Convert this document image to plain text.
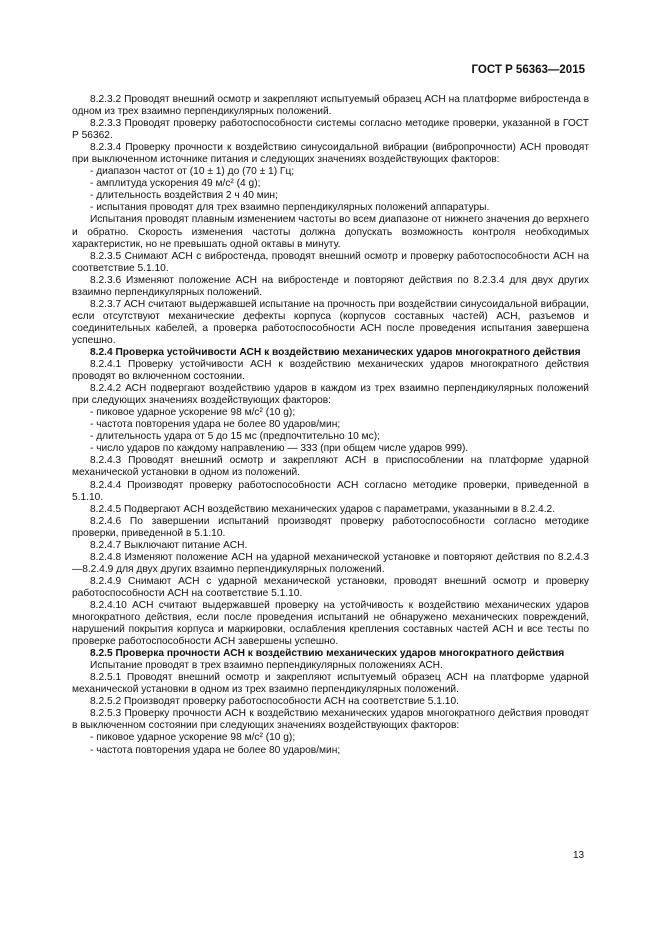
ГОСТ Р 56363—2015

8.2.3.2 Проводят внешний осмотр и закрепляют испытуемый образец АСН на платформе вибростенда в одном из трех взаимно перпендикулярных положений.

8.2.3.3 Проводят проверку работоспособности системы согласно методике проверки, указанной в ГОСТ Р 56362.

8.2.3.4 Проверку прочности к воздействию синусоидальной вибрации (вибропрочности) АСН проводят при выключенном источнике питания и следующих значениях воздействующих факторов:

- диапазон частот от (10 ± 1) до (70 ± 1) Гц;

- амплитуда ускорения 49 м/с² (4 g);

- длительность воздействия 2 ч 40 мин;

- испытания проводят для трех взаимно перпендикулярных положений аппаратуры.

Испытания проводят плавным изменением частоты во всем диапазоне от нижнего значения до верхнего и обратно. Скорость изменения частоты должна допускать возможность контроля необходимых характеристик, но не превышать одной октавы в минуту.

8.2.3.5 Снимают АСН с вибростенда, проводят внешний осмотр и проверку работоспособности АСН на соответствие 5.1.10.

8.2.3.6 Изменяют положение АСН на вибростенде и повторяют действия по 8.2.3.4 для двух других взаимно перпендикулярных положений.

8.2.3.7 АСН считают выдержавшей испытание на прочность при воздействии синусоидальной вибрации, если отсутствуют механические дефекты корпуса (корпусов составных частей) АСН, разъемов и соединительных кабелей, а проверка работоспособности АСН после проведения испытания завершена успешно.

8.2.4 Проверка устойчивости АСН к воздействию механических ударов многократного действия

8.2.4.1 Проверку устойчивости АСН к воздействию механических ударов многократного действия проводят во включенном состоянии.

8.2.4.2 АСН подвергают воздействию ударов в каждом из трех взаимно перпендикулярных положений при следующих значениях воздействующих факторов:

- пиковое ударное ускорение 98 м/с² (10 g);

- частота повторения удара не более 80 ударов/мин;

- длительность удара от 5 до 15 мс (предпочтительно 10 мс);

- число ударов по каждому направлению — 333 (при общем числе ударов 999).

8.2.4.3 Проводят внешний осмотр и закрепляют АСН в приспособлении на платформе ударной механической установки в одном из положений.

8.2.4.4 Производят проверку работоспособности АСН согласно методике проверки, приведенной в 5.1.10.

8.2.4.5 Подвергают АСН воздействию механических ударов с параметрами, указанными в 8.2.4.2.

8.2.4.6 По завершении испытаний производят проверку работоспособности согласно методике проверки, приведенной в 5.1.10.

8.2.4.7 Выключают питание АСН.

8.2.4.8 Изменяют положение АСН на ударной механической установке и повторяют действия по 8.2.4.3—8.2.4.9 для двух других взаимно перпендикулярных положений.

8.2.4.9 Снимают АСН с ударной механической установки, проводят внешний осмотр и проверку работоспособности АСН на соответствие 5.1.10.

8.2.4.10 АСН считают выдержавшей проверку на устойчивость к воздействию механических ударов многократного действия, если после проведения испытаний не обнаружено механических повреждений, нарушений покрытия корпуса и маркировки, ослабления крепления составных частей АСН и все тесты по проверке работоспособности АСН завершены успешно.

8.2.5 Проверка прочности АСН к воздействию механических ударов многократного действия

Испытание проводят в трех взаимно перпендикулярных положениях АСН.

8.2.5.1 Проводят внешний осмотр и закрепляют испытуемый образец АСН на платформе ударной механической установки в одном из трех взаимно перпендикулярных положений.

8.2.5.2 Производят проверку работоспособности АСН на соответствие 5.1.10.

8.2.5.3 Проверку прочности АСН к воздействию механических ударов многократного действия проводят в выключенном состоянии при следующих значениях воздействующих факторов:

- пиковое ударное ускорение 98 м/с² (10 g);

- частота повторения удара не более 80 ударов/мин;

13
